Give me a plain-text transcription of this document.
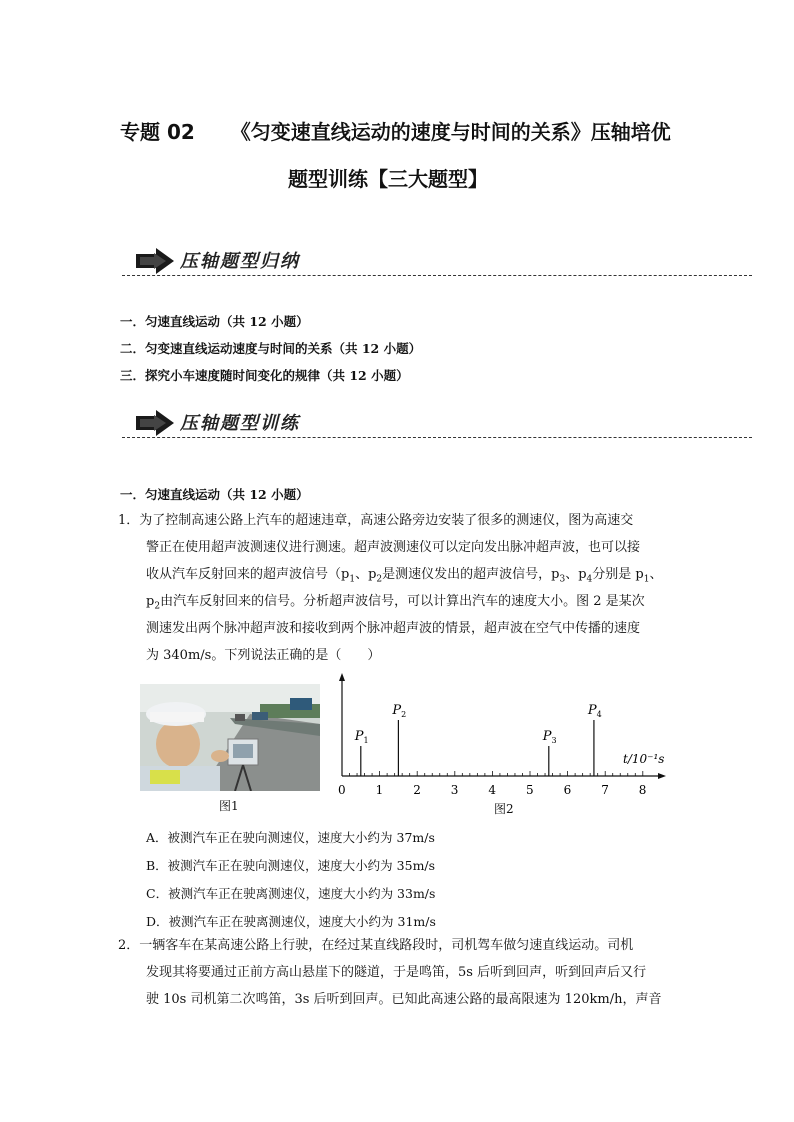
专题 02 《匀变速直线运动的速度与时间的关系》压轴培优
题型训练【三大题型】
压轴题型归纳
一．匀速直线运动（共 12 小题）
二．匀变速直线运动速度与时间的关系（共 12 小题）
三．探究小车速度随时间变化的规律（共 12 小题）
压轴题型训练
一．匀速直线运动（共 12 小题）
1．为了控制高速公路上汽车的超速违章，高速公路旁边安装了很多的测速仪，图为高速交
警正在使用超声波测速仪进行测速。超声波测速仪可以定向发出脉冲超声波，也可以接
收从汽车反射回来的超声波信号（$p_1$、$p_2$是测速仪发出的超声波信号，$p_3$、$p_4$分别是 $p_1$、
$p_2$由汽车反射回来的信号。分析超声波信号，可以计算出汽车的速度大小。图 2 是某次
测速发出两个脉冲超声波和接收到两个脉冲超声波的情景，超声波在空气中传播的速度
为 340m/s。下列说法正确的是（　　）
图1
0 1 2 3 4 5 6 7 8
$P_1$
$P_2$
$P_3$
$P_4$
t/10⁻¹s
图2
A．被测汽车正在驶向测速仪，速度大小约为 37m/s
B．被测汽车正在驶向测速仪，速度大小约为 35m/s
C．被测汽车正在驶离测速仪，速度大小约为 33m/s
D．被测汽车正在驶离测速仪，速度大小约为 31m/s
2．一辆客车在某高速公路上行驶，在经过某直线路段时，司机驾车做匀速直线运动。司机
发现其将要通过正前方高山悬崖下的隧道，于是鸣笛，5s 后听到回声，听到回声后又行
驶 10s 司机第二次鸣笛，3s 后听到回声。已知此高速公路的最高限速为 120km/h，声音
